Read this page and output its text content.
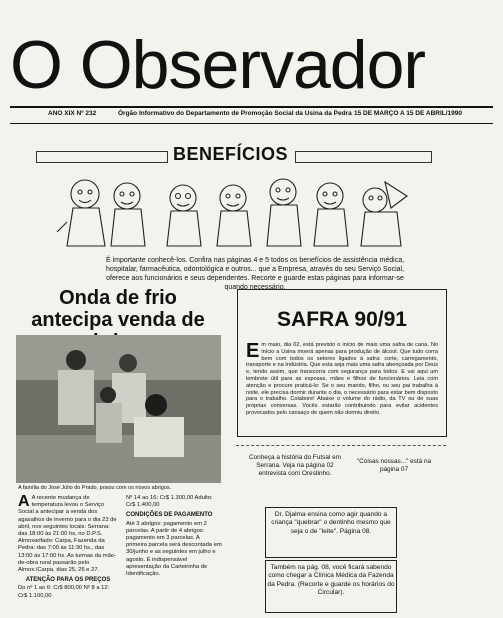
O Observador
ANO XIX Nº 232	Órgão Informativo do Departamento de Promoção Social da Usina da Pedra 15 DE MARÇO A 15 DE ABRIL/1990
BENEFÍCIOS
É importante conhecê-los. Confira nas páginas 4 e 5 todos os benefícios de assistência médica, hospitalar, farmacêutica, odontológica e outros... que a Empresa, através do seu Serviço Social, oferece aos funcionários e seus dependentes. Recorte e guarde estas páginas para informar-se quando necessário.
Onda de frio antecipa venda de
A família do José Júlio do Prado, posou com os novos abrigos.
A A recente mudança de temperatura levou o Serviço Social a antecipar a venda dos agasalhos de inverno para o dia 23 de abril, nos seguintes locais: Serrana: das 18:00 às 21:00 hs, no D.P.S. Almoxarifado: Carpa, Fazenda da Pedra: das 7:00 às 11:30 hs., das 13:00 às 17:00 hs. As turmas da mão-de-obra rural passarão pelo Almox./Carpa, dias 25, 26 e 27.
ATENÇÃO PARA OS PREÇOS
Do nº 1 ao 6: Cr$ 800,00 Nº 8 a 12: Cr$ 1.100,00
Nº 14 ao 16: Cr$ 1.300,00 Adulto: Cr$ 1.400,00
CONDIÇÕES DE PAGAMENTO
Até 3 abrigos: pagamento em 2 parcelas. A partir de 4 abrigos: pagamento em 3 parcelas. A primeira parcela será descontada em 30/junho e as seguintes em julho e agosto. É indispensável apresentação da Carteirinha de Identificação.
SAFRA 90/91
Em maio, dia 02, está previsto o início de mais uma safra de cana. No início a Usina moerá apenas para produção de álcool. Que tudo corra bem com todos os setores ligados à safra: corte, carregamento, transporte e na Indústria. Que esta seja mais uma safra abençoada por Deus e, tendo assim, que transcorra com segurança para todos. E vai aqui um lembrete útil para as esposas, mães e filhos de funcionários. Leia com atenção e procure praticá-lo: Se o seu marido, filho, ou seu pai trabalha à noite, ele precisa dormir durante o dia, o necessário para estar bem disposto para o trabalho. Colabore! Abaixe o volume do rádio, da TV ou de suas próprias conversas. Vocês estarão contribuindo para evitar acidentes provocados pelo cansaço de quem não dormiu direito.
Conheça a história do Futsal em Serrana. Veja na página 02 entrevista com Orestinho.
"Coisas nossas..." está na página 07
Dr. Djalma ensina como agir quando a criança "quebrar" o dentinho mesmo que seja o de "leite". Página 08.
Também na pág. 08, você ficará sabendo como chegar a Clínica Médica da Fazenda da Pedra. (Recorte e guarde os horários do Circular).
